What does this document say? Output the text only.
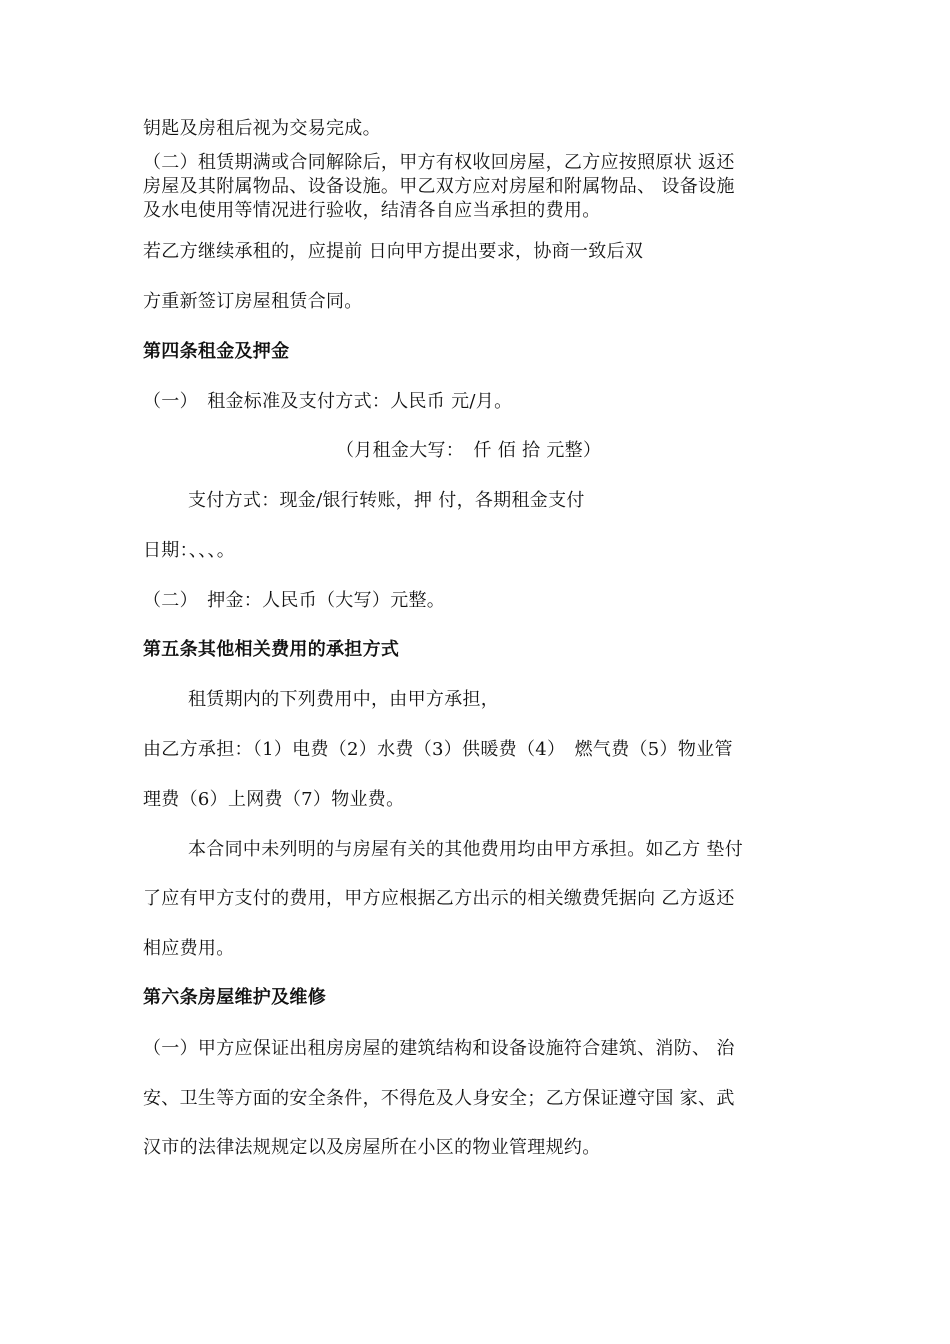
钥匙及房租后视为交易完成。
（二）租赁期满或合同解除后，甲方有权收回房屋，乙方应按照原状 返还
房屋及其附属物品、设备设施。甲乙双方应对房屋和附属物品、 设备设施
及水电使用等情况进行验收，结清各自应当承担的费用。
若乙方继续承租的，应提前 日向甲方提出要求，协商一致后双
方重新签订房屋租赁合同。
第四条租金及押金
（一）　租金标准及支付方式：人民币 元/月。
（月租金大写：　仟 佰 拾 元整）
支付方式：现金/银行转账，押 付，各期租金支付
日期：、、、。
（二）　押金：人民币（大写）元整。
第五条其他相关费用的承担方式
租赁期内的下列费用中，由甲方承担，
由乙方承担：（1）电费（2）水费（3）供暖费（4）　燃气费（5）物业管
理费（6）上网费（7）物业费。
本合同中未列明的与房屋有关的其他费用均由甲方承担。如乙方 垫付
了应有甲方支付的费用，甲方应根据乙方出示的相关缴费凭据向 乙方返还
相应费用。
第六条房屋维护及维修
（一）甲方应保证出租房房屋的建筑结构和设备设施符合建筑、消防、 治
安、卫生等方面的安全条件，不得危及人身安全；乙方保证遵守国 家、武
汉市的法律法规规定以及房屋所在小区的物业管理规约。
